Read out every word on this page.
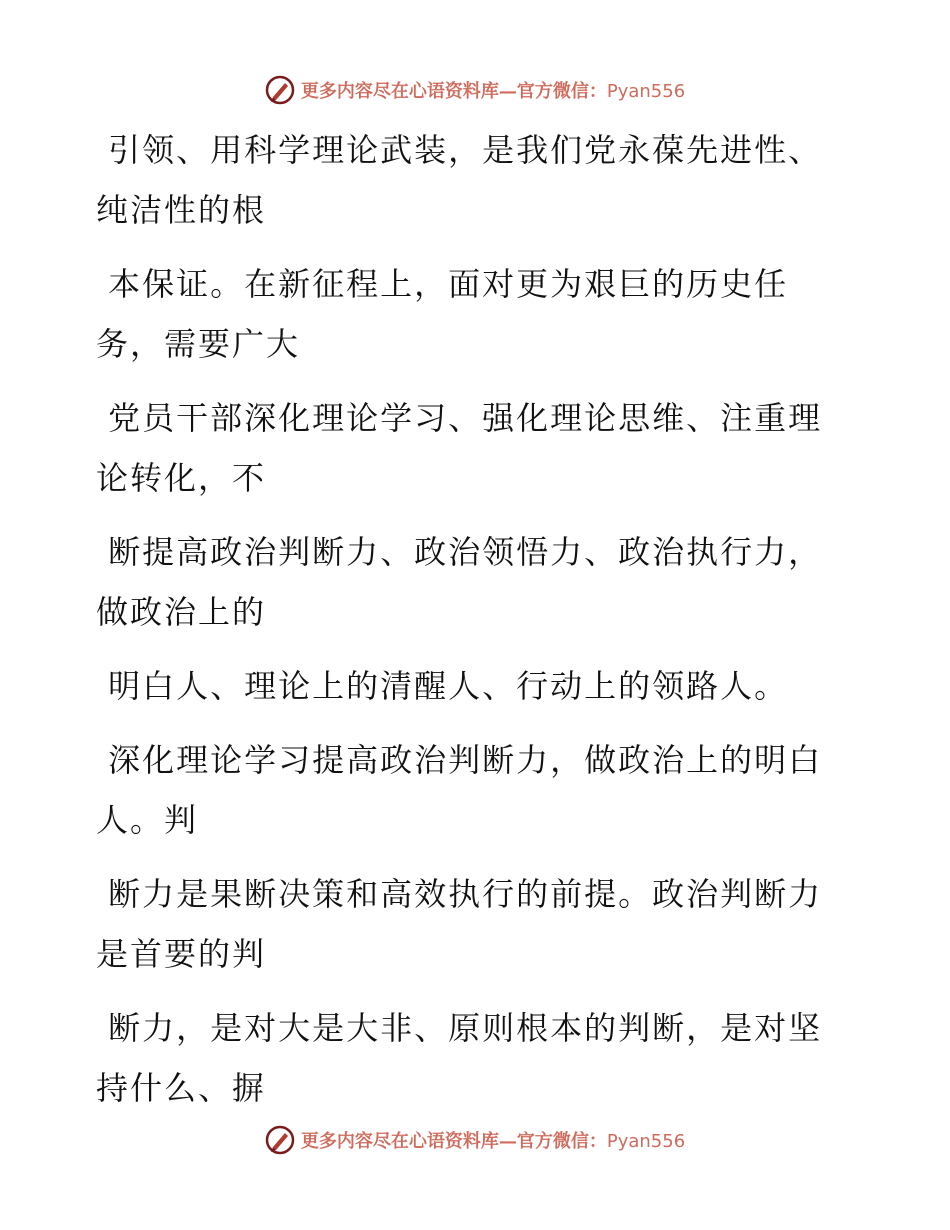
更多内容尽在心语资料库—官方微信：Pyan556

引领、用科学理论武装，是我们党永葆先进性、
纯洁性的根

本保证。在新征程上，面对更为艰巨的历史任
务，需要广大

党员干部深化理论学习、强化理论思维、注重理
论转化，不

断提高政治判断力、政治领悟力、政治执行力，
做政治上的

明白人、理论上的清醒人、行动上的领路人。

深化理论学习提高政治判断力，做政治上的明白
人。判

断力是果断决策和高效执行的前提。政治判断力
是首要的判

断力，是对大是大非、原则根本的判断，是对坚
持什么、摒

更多内容尽在心语资料库—官方微信：Pyan556
